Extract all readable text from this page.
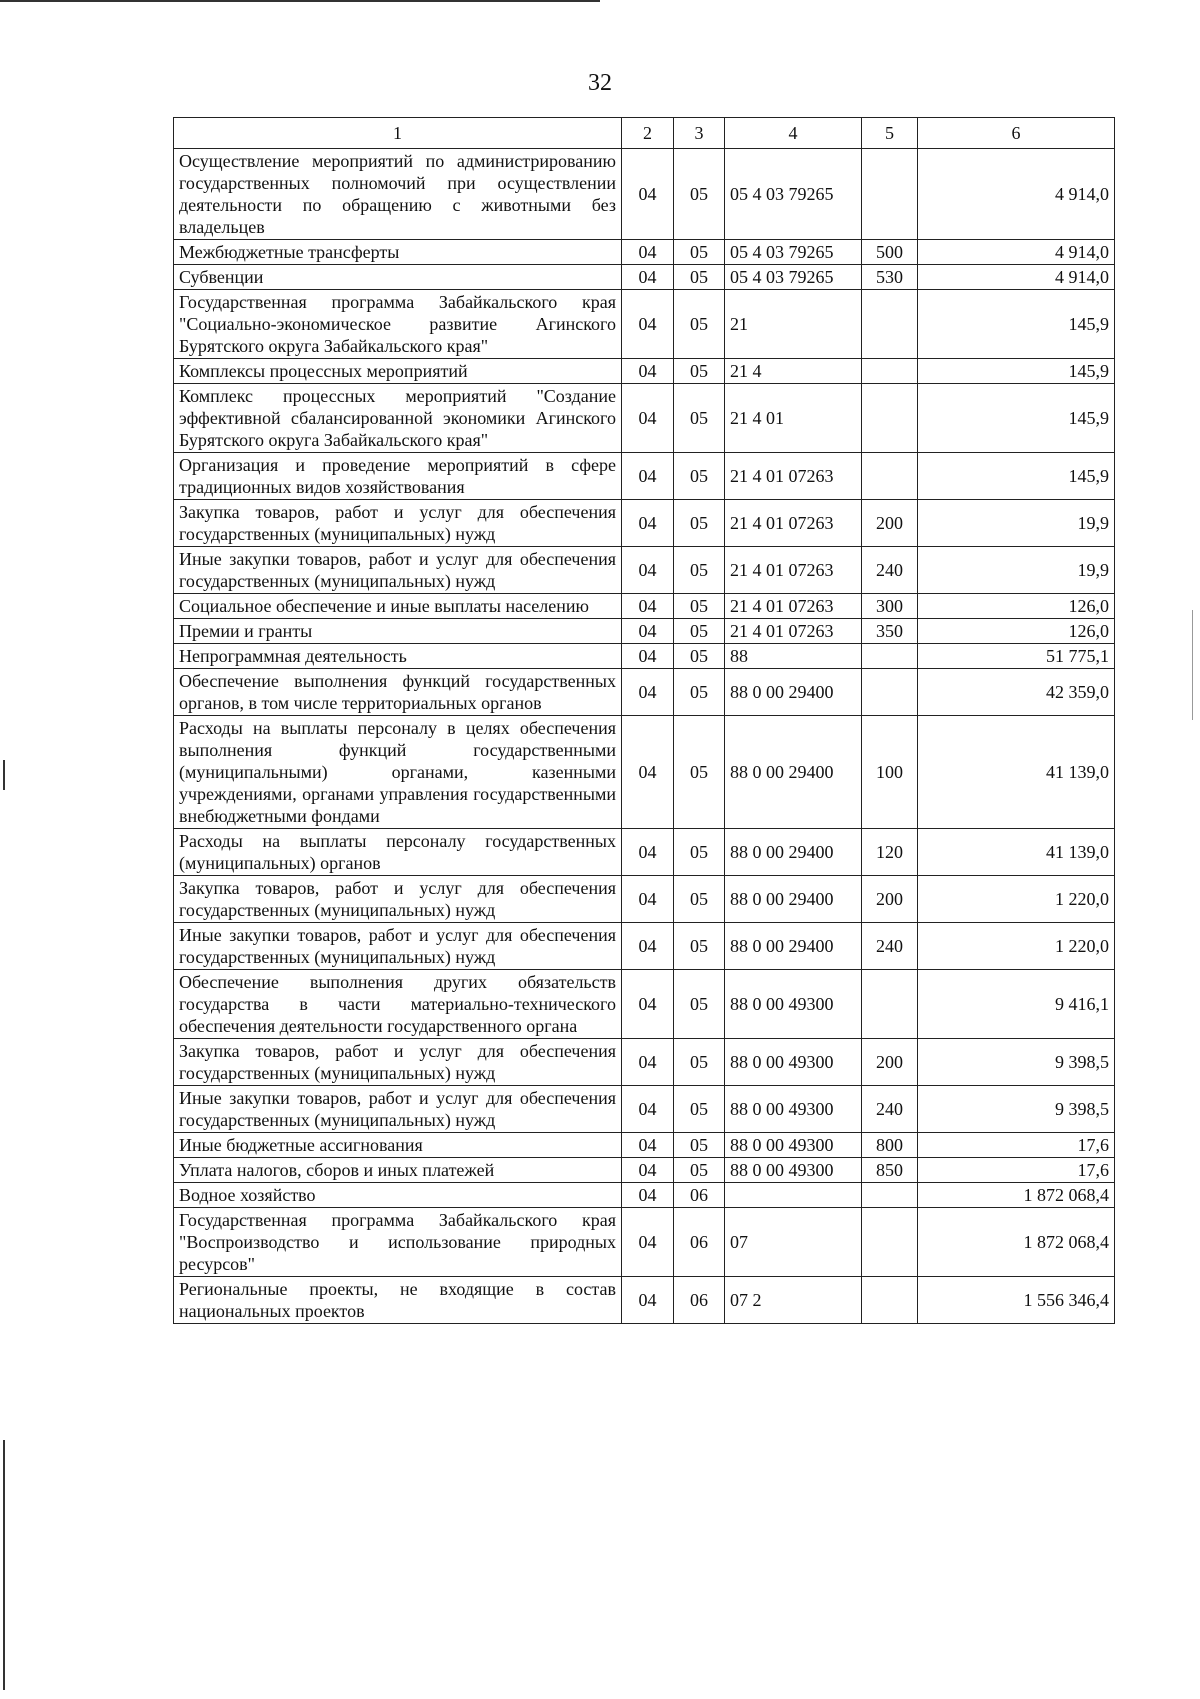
32
1	2	3	4	5	6
Осуществление мероприятий по администрированию государственных полномочий при осуществлении деятельности по обращению с животными без владельцев	04	05	05 4 03 79265		4 914,0
Межбюджетные трансферты	04	05	05 4 03 79265	500	4 914,0
Субвенции	04	05	05 4 03 79265	530	4 914,0
Государственная программа Забайкальского края "Социально-экономическое развитие Агинского Бурятского округа Забайкальского края"	04	05	21		145,9
Комплексы процессных мероприятий	04	05	21 4		145,9
Комплекс процессных мероприятий "Создание эффективной сбалансированной экономики Агинского Бурятского округа Забайкальского края"	04	05	21 4 01		145,9
Организация и проведение мероприятий в сфере традиционных видов хозяйствования	04	05	21 4 01 07263		145,9
Закупка товаров, работ и услуг для обеспечения государственных (муниципальных) нужд	04	05	21 4 01 07263	200	19,9
Иные закупки товаров, работ и услуг для обеспечения государственных (муниципальных) нужд	04	05	21 4 01 07263	240	19,9
Социальное обеспечение и иные выплаты населению	04	05	21 4 01 07263	300	126,0
Премии и гранты	04	05	21 4 01 07263	350	126,0
Непрограммная деятельность	04	05	88		51 775,1
Обеспечение выполнения функций государственных органов, в том числе территориальных органов	04	05	88 0 00 29400		42 359,0
Расходы на выплаты персоналу в целях обеспечения выполнения функций государственными (муниципальными) органами, казенными учреждениями, органами управления государственными внебюджетными фондами	04	05	88 0 00 29400	100	41 139,0
Расходы на выплаты персоналу государственных (муниципальных) органов	04	05	88 0 00 29400	120	41 139,0
Закупка товаров, работ и услуг для обеспечения государственных (муниципальных) нужд	04	05	88 0 00 29400	200	1 220,0
Иные закупки товаров, работ и услуг для обеспечения государственных (муниципальных) нужд	04	05	88 0 00 29400	240	1 220,0
Обеспечение выполнения других обязательств государства в части материально-технического обеспечения деятельности государственного органа	04	05	88 0 00 49300		9 416,1
Закупка товаров, работ и услуг для обеспечения государственных (муниципальных) нужд	04	05	88 0 00 49300	200	9 398,5
Иные закупки товаров, работ и услуг для обеспечения государственных (муниципальных) нужд	04	05	88 0 00 49300	240	9 398,5
Иные бюджетные ассигнования	04	05	88 0 00 49300	800	17,6
Уплата налогов, сборов и иных платежей	04	05	88 0 00 49300	850	17,6
Водное хозяйство	04	06			1 872 068,4
Государственная программа Забайкальского края "Воспроизводство и использование природных ресурсов"	04	06	07		1 872 068,4
Региональные проекты, не входящие в состав национальных проектов	04	06	07 2		1 556 346,4
